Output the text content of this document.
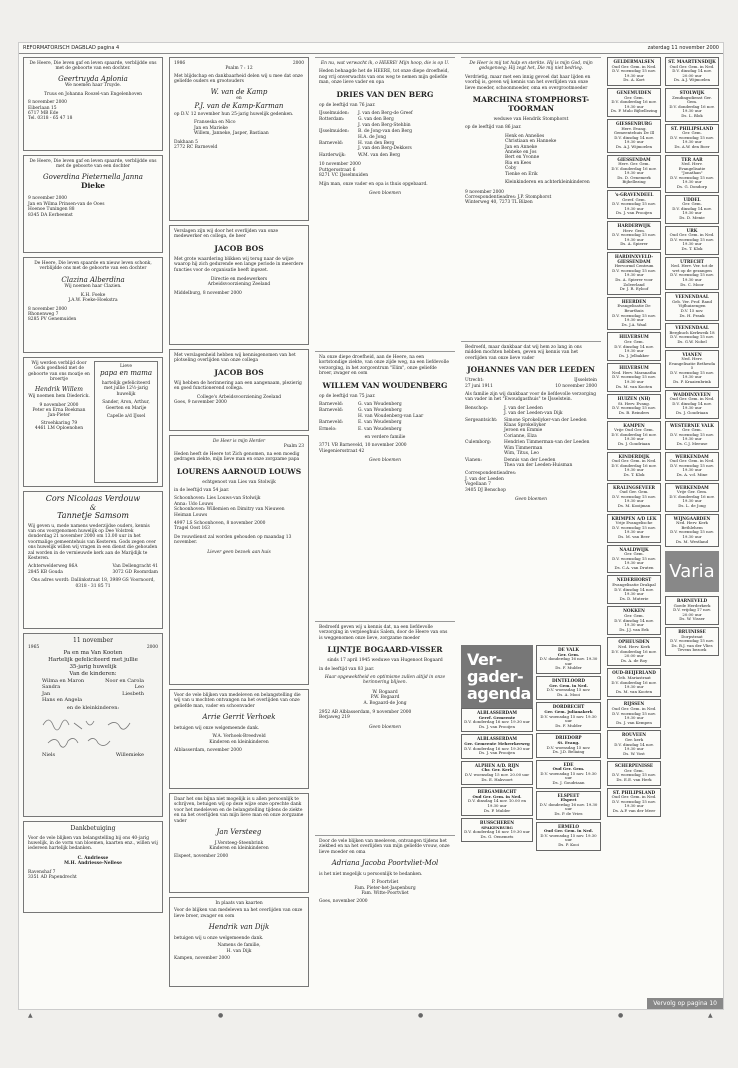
REFORMATORISCH DAGBLAD pagina 4	zaterdag 11 november 2000
De Heere, Die leven gaf en leven spaarde, verblijdde ons met de geboorte van een dochter.
Geertruyda Aplonia
We noemen haar Truyde.
Truus en Johanna Roozel-van Engelenhoven
8 november 2000
Eiberlaan 15
6717 MB Ede
Tel. 0318 - 65 47 18
De Heere, Die leven gaf en leven spaarde, verblijdde ons met de geboorte van een dochter
Goverdina Pieternella Janna
Dieke
9 november 2000
Jan en Wilma Prinsen-van de Ooes
Hoenoe Tuningen 88
8345 DA Eerbeemst
De Heere, Die leven spaarde en nieuw leven schonk, verblijdde ons met de geboorte van een dochter
Clazina Alberdina
Wij noemen haar Clazien.
K.H. Foeke
J.A.W. Foeke-Hoekstra
8 november 2000
Rhonenweg 7
8285 PV Genemuiden
Wij werden verblijd door Gods goedheid met de geboorte van ons moatje en broertje
Hendrik Willem
Wij noemen hem Diederick.
9 november 2000
Peter en Erna Boekman
Jan-Pieter
Stroehkaring 79
4461 LM Oploenohen
Lieve
papa en mama
hartelijk gefeliciteerd met jullie 12½-jarig huwelijk
Sander, Aron, Arthur, Geerten en Marije
Capelle a/d IJssel
Cors Nicolaas Verdouw
&
Tannetje Samsom
Wij geven u, mede namens wederzijdse ouders, kennis van ons voorgenomen huwelijk op Dee Volstrek donderdag 21 november 2000 om 13.00 uur in het voormalige gemeentehuis van Kesteren. Gods zegen over ons huwelijk willen wij vragen in een dienst die gehouden zal worden in de vernieuwde kerk aan de Marijdijk te Kesteren.
Achterwelderweg 86A
2845 KB Gouda
Van Dellengracht 41
3072 GD Roomrdam
Ons adres wordt: Dallinkstraat 18, 3989 GS Voornoord, 0318 - 31 85 71
11 november
1965	2000
Pa en ma Van Kooten
Hartelijk gefeliciteerd met jullie
35-jarig huwelijk
Van de kinderen:
Wilma en Maron	Noor en Carola
Sandra	Leo
Jan	Liesbeth
Hans en Angela
en de kleinkinderen:
Niels	Willemieke
Dankbetuiging
Voor de vele blijken van belangstelling bij ons 40-jarig huwelijk, in de vorm van bloemen, kaarten enz., willen wij iedereen hartelijk bedanken.
C. Andriesse
M.H. Andriesse-Nellese
Ravenshaf 7
3351 AD Papendrecht
1986	2000
Psalm 7 : 12
Met blijdschap en dankbaarheid delen wij u mee dat onze geliefde ouders en grootouders
W. van de Kamp
en
P.J. van de Kamp-Karman
op D.V. 12 november hun 25-jarig huwelijk gedenken.
Franseska en Nico
Jan en Marieke
Willem, Janneke, Jasper, Bastiaan
Dakhaan 5
2772 RC Barneveld
Verslagen zijn wij door het overlijden van onze medewerker en collega, de heer
JACOB BOS
Met grote waardering blikken wij terug naar de wijze waarop hij zich gedurende een lange periode in meerdere functies voor de organisatie heeft ingezet.
Directie en medewerkers
Arbeidsvoorziening Zeeland
Middelburg, 8 november 2000
Met verslagenheid hebben wij kennisgenomen van het plotseling overlijden van onze collega
JACOB BOS
Wij hebben de herinnering aan een aangenaam, plezierig en goed functionerend collega.
College's Arbeidsvoorziening Zeeland
Goes, 9 november 2000
De Heer is mijn Herder
Psalm 23
Heden heeft de Heere tot Zich genomen, na een moedig gedragen ziekte, mijn lieve man en onze zorgzame papa
LOURENS AARNOUD LOUWS
echtgenoot van Lies van Stolwijk
in de leeftijd van 54 jaar.
Schoonhoven: Lies Louws-van Stolwijk
Anna: Udo Louws
Schoonhoven: Willemien en Dimitry van Nieuwen
Heiman Louws
4997 LS Schoonhoven, 8 november 2000
Tragel Oost 163
De rouwdienst zal worden gehouden op maandag 13 november.
Liever geen bezoek aan huis
Voor de vele blijken van medeleven en belangstelling die wij van u mochten ontvangen na het overlijden van onze geliefde man, vader en schoonvader
Arrie Gerrit Verhoek
betuigen wij onze welgemeende dank.
W.A. Verhoek-Breedveld
Kinderen en kleinkinderen
Alblasserdam, november 2000
Daar het ons bijna niet mogelijk is u allen persoonlijk te schrijven, betuigen wij op deze wijze onze oprechte dank voor het medeleven en de belangstelling tijdens de ziekte en na het overlijden van mijn lieve man en onze zorgzame vader
Jan Versteeg
J.Versteeg-Steenbrink
Kinderen en kleinkinderen
Elspeet, november 2000
In plaats van kaarten
Voor de blijken van medeleven na het overlijden van onze lieve broer, zwager en oom
Hendrik van Dijk
betuigen wij u onze welgemeende dank.
Namens de familie,
H. van Dijk
Kampen, november 2000
En nu, wat verwacht ik, o HEERE! Mijn hoop, die is op U.
Heden behaagde het de HEERE, tot onze diepe droefheid, nog vrij onverwachts van ons weg te nemen mijn geliefde man, onze lieve vader en opa
DRIES VAN DEN BERG
op de leeftijd van 76 jaar.
IJsselmuiden:	J. van den Berg-de Greef
Rotterdam:	G. van den Berg
J. van den Berg-Stehbin
IJsselmuiden:	B. de Jong-van den Berg
H.A. de Jong
Barneveld:	H. van den Berg
J. van den Berg-Dekkers
Harderwijk:	W.M. van den Berg
10 november 2000
Puttgersstraat 6
8271 VC IJsselmuiden
Mijn man, onze vader en opa is thuis opgebaard.
Geen bloemen
Na onze diepe droefheid, aan de Heere, na een kortstondige ziekte, van onze zijde weg, na een liefdevolle verzorging, in het zorgcentrum "Elim", onze geliefde broer, zwager en oom
WILLEM VAN WOUDENBERG
op de leeftijd van 75 jaar.
Barneveld:	G. van Woudenberg
Barneveld:	G. van Woudenberg
H. van Woudenberg-van Laar
Barneveld:	E. van Woudenberg
Ermelo:	E. van Woudenberg
en verdere familie
3771 VB Barneveld, 10 november 2000
Vliegeniersstraat 42
Geen bloemen
Bedroefd geven wij u kennis dat, na een liefdevolle verzorging in verpleeghuis Salem, door de Heere van ons is weggenomen onze lieve, zorgzame moeder
LIJNTJE BOGAARD-VISSER
sinds 17 april 1945 weduwe van Hugenoot Bogaard
in de leeftijd van 83 jaar.
Haar opgewektheid en optimisme zullen altijd in onze herinnering blijven.
W. Bogaard
P.W. Bogaard
A. Bogaard-de Jong
2952 AB Alblasserdam, 9 november 2000
Berjaweg 219
Geen bloemen
Door de vele blijken van meeleven, ontvangen tijdens het ziekbed en na het overlijden van mijn geliefde vrouw, onze lieve moeder en oma
Adriana Jacoba Poortvliet-Mol
is het niet mogelijk u persoonlijk te bedanken.
P. Poortvliet
Fam. Pieter-het-Jaspenburg
Fam. Witte-Poortvliet
Goes, november 2000
De Heer is mij tot hulp en sterkte. Hij is mijn God, mijn godsgenoeg; Hij zegt het, Die mij niet bedrieg.
Verdrietig, maar met een innig gevoel dat haar lijden en voorbij is, geven wij kennis van het overlijden van onze lieve moeder, schoonmoeder, oma en overgrootmoeder
MARCHINA STOMPHORST-TOORMAN
weduwe van Hendrik Stomphorst
op de leeftijd van 86 jaar.
Henk en Annelies
Christiaan en Hanneke
Jan en Anneke
Anneke en Jos
Bert en Yvonne
Ria en Kees
Coby
Tienke en Erik
Kleinkinderen en achterkleinkinderen
9 november 2000
Correspondentieadres: J.P. Stomphorst
Winterweg 40, 7273 TL Bilzen
Bedroefd, maar dankbaar dat wij hem zo lang in ons midden mochten hebben, geven wij kennis van het overlijden van onze lieve vader
JOHANNES VAN DER LEEDEN
Utrecht:	IJsselstein
27 juni 1911	10 november 2000
Als familie zijn wij dankbaar voor de liefdevolle verzorging van vader in het "Ewoudgasthuis" te IJsselstein.
Benschop:	J. van der Leeden
J. van der Leeden-van Dijk
Sergeantsicht:	Simone Sprokeliyker-van der Leeden
Klaas Sprokeliyker
Jeroen en Emmie
Corianne, Elza
Culemborg:	Hendrien Timmerman-van der Leeden
Wim Timmerman
Wim, Titus, Leo
Vianen:	Dennis van der Leeden
Thea van der Leeden-Huisman
Correspondentieadres:
J. van der Leeden
Vogellaan 7
3405 DJ Benschop
Geen bloemen
Ver-gader-agenda
ALBLASSERDAM
Geref. Gemeente
D.V. donderdag 16 nov. 19.30 uur
Ds. J. van Prooijen
ALBLASSERDAM
Ger. Gemeente Mehrerkerweg
D.V. donderdag 16 nov. 19.30 uur
Ds. J. van Prooijen
ALPHEN A/D. RIJN
Chr. Ger. Kerk
D.V. woensdag 15 nov. 20.00 uur
Ds. E. Hakvoort
BERGAMBACHT
Oud Ger. Gem. in Ned.
D.V. dinsdag 14 nov. 10.00 en 19.30 uur
Ds. P. Mulder
BUSSCHEREN
SPAKENBURG
D.V. donderdag 16 nov. 19.30 uur
Ds. G. Oenemets
DE VALK
Ger. Gem.
D.V. donderdag 16 nov. 19.30 uur
Ds. F. Mulder
DINTELOORD
Ger. Gem. in Ned.
D.V. woensdag 15 nov.
Ds. A. Mooi
DORDRECHT
Ger. Gem. Julianakerk
D.V. woensdag 15 nov. 19.30 uur
Ds. F. Mulder
DRIEDORP
St. Evang.
D.V. woensdag 15 nov.
Ds. J.D. Beliaing
EDE
Oud Ger. Gem.
D.V. woensdag 15 nov. 19.30 uur
Ds. J. Goudriaan
ELSPEET
Elspeet
D.V. donderdag 16 nov. 19.30 uur
Ds. P. de Vries
ERMELO
Oud Ger. Gem. in Ned.
D.V. woensdag 15 nov. 19.30 uur
Ds. P. Kooi
GELDERMALSEN
Oud Ger. Gem. in Ned.
D.V. woensdag 15 nov. 19.30 uur
Ds. A. Kort
GENEMUIDEN
Ger. Gem.
D.V. donderdag 16 nov. 19.30 uur
Ds. P. Mulo Bijbellezing
GIESSENBURG
Herv. Evang. Gemeentehuis De Ill
D.V. dinsdag 14 nov. 19.30 uur
Ds. A.J. Wijmoelen
GIESSENDAM
Herv. Ger. Gem.
D.V. donderdag 16 nov. 19.30 uur
Ds. D. Oenemerk Bijbellezing
's-GRAVENDEEL
Geref. Gem.
D.V. woensdag 15 nov. 19.30 uur
Ds. J. van Prooijen
HARDERWIJK
Herv. Gem.
D.V. woensdag 15 nov. 19.30 uur
Ds. A. Spierer
HARDINXVELD-GIESSENDAM
Hervormd Centrum
D.V. woensdag 15 nov. 19.30 uur
Ds. A. Spierer voor Zoleerland
Dr. J. R. Eyloof
HEERDEN
Evangelisatie De Beurthuis
D.V. woensdag 15 nov. 19.30 uur
Ds. J.A. Waal
HILVERSUM
Ger. Gem.
D.V. dinsdag 14 nov. 19.30 uur
Ds. J. Jelbakker
HILVERSUM
Ned. Herv. Maranatha
D.V. woensdag 15 nov. 19.30 uur
Ds. M. van Kooten
HUIZEN (NH)
St. Herv. Evang.
D.V. woensdag 15 nov.
Ds. B. Reinders
KAMPEN
Vrije Oud Ger. Gem.
D.V. donderdag 16 nov. 19.30 uur
Ds. J. Goudriaan
KINDERDIJK
Oud Ger. Gem. in Ned.
D.V. donderdag 16 nov. 19.30 uur
Ds. T. Klok
KRALINGSEVEER
Oud Ger. Gem.
D.V. woensdag 15 nov. 19.30 uur
Ds. M. Kooijman
KRIMPEN A/D LEK
Vrije Evangelische
D.V. woensdag 15 nov. 19.30 uur
Ds. M. van Beer
NAALDWIJK
Ger. Gem.
D.V. woensdag 15 nov. 19.30 uur
Ds. C.A. van Druten
NEDERHORST
Evangelisatie Drakpal
D.V. dinsdag 14 nov. 19.30 uur
Ds. D. Muterie
NOKKEN
Ger. Gem.
D.V. dinsdag 14 nov. 19.30 uur
Ds. J.J. van Eek
OPHEUSDEN
Ned. Herv. Kerk
D.V. donderdag 16 nov. 20.00 uur
Ds. A. de Roy
OUD-BEIJERLAND
Geb. Mariastraat
D.V. donderdag 16 nov. 19.30 uur
Ds. M. van Kooten
RIJSSEN
Oud Ger. Gem. in Ned.
D.V. woensdag 15 nov. 19.30 uur
Ds. J. van Kempen
ROUVEEN
Ger. kerk
D.V. dinsdag 14 nov. 19.30 uur
Ds. W. Vost
SCHERPENISSE
Ger. Gem.
D.V. woensdag 15 nov.
Ds. E.E. van Herk
ST. PHILIPSLAND
Oud Ger. Gem. in Ned.
D.V. woensdag 15 nov. 19.30 uur
Ds. A.P. van der Meer
ST. MAARTENSDIJK
Oud Ger. Gem. in Ned.
D.V. dinsdag 14 nov. 20.00 uur
Ds. A.J. Wijmoelen
STOLWIJK
Zendingsdienst Ger. Gem.
D.V. donderdag 16 nov. 19.30 uur
Ds. L. Blok
ST. PHILIPSLAND
Ger. Gem.
D.V. woensdag 15 nov. 19.30 uur
Ds. A.W. den Boer
TER AAR
Ned. Herv. Evangelisatie "Jonathan"
D.V. woensdag 15 nov. 19.30 uur
Ds. G. Dondorp
UDDEL
Ger. Gem.
D.V. dinsdag 14 nov. 19.30 uur
Ds. D. Menie
URK
Oud Ger. Gem. in Ned.
D.V. woensdag 15 nov. 19.30 uur
Ds. T. Klok
UTRECHT
Ned. Herv. Ver. tot de wet op de gezangen
D.V. woensdag 15 nov. 19.30 uur
Ds. C. Moor
VEENENDAAL
Geb. Ver. Prof. Rand Vijfhuizengen
D.V. 15 nov.
Ds. H. Prank
VEENENDAAL
Berghuch Kerkweik 18
D.V. woensdag 15 nov.
Ds. G.W. Nobel
VIANEN
Ned. Herv. Evangelisatie Bethesda 5
D.V. woensdag 15 nov. 19.30 uur
Ds. P. Kraaienbrink
WADDINXVEEN
Oud Ger. Gem. in Ned.
D.V. dinsdag 14 nov. 19.30 uur
Ds. J. Goudriaan
WESTERNIE VALK
Ger. Gem.
D.V. woensdag 15 nov. 19.30 uur
Ds. C.J. Meeuse
WERKENDAM
Oud Ger. Gem. in Ned.
D.V. woensdag 15 nov. 19.30 uur
Ds. A. v.d. Mine
WERKENDAM
Vrije Ger. Gem.
D.V. donderdag 16 nov. 19.30 uur
Ds. L. de Jong
WIJNGAARDEN
Ned. Herv. Kerk Bethlehem
D.V. woensdag 15 nov. 19.30 uur
Ds. M. Westland
Varia
BARNEVELD
Goede Herderkerk
D.V. vrijdag 17 nov. 20.00 uur
Ds. W. Visser
BRUINISSE
Dorpstraat
D.V. woensdag 15 nov.
Ds. B.J. van der Vlies
Tevens bezoek
Vervolg op pagina 10
▲	●	●	●	▲
